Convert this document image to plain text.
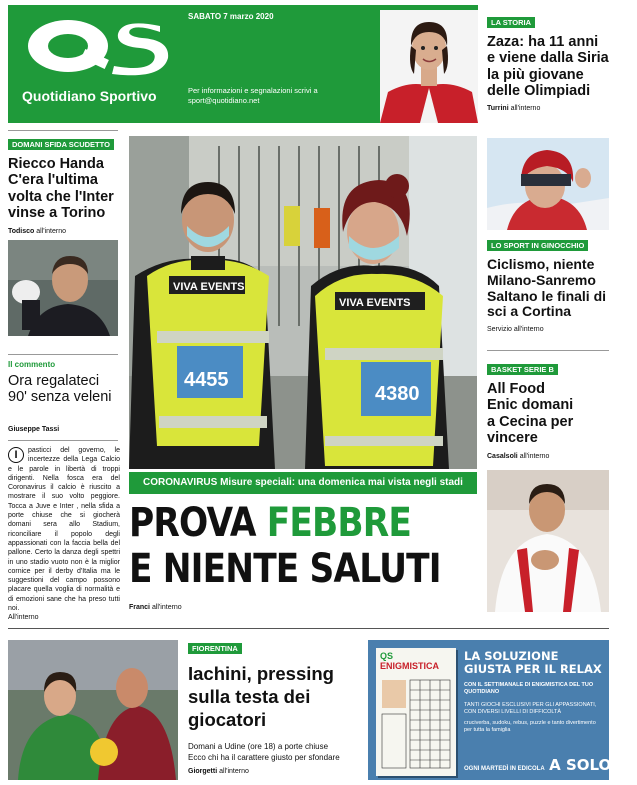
Quotidiano Sportivo
SABATO 7 marzo 2020
Per informazioni e segnalazioni scrivi a
sport@quotidiano.net
LA STORIA
Zaza: ha 11 anni e viene dalla Siria la più giovane delle Olimpiadi
Turrini all'interno
DOMANI SFIDA SCUDETTO
Riecco Handa C'era l'ultima volta che l'Inter vinse a Torino
Todisco all'interno
Il commento
Ora regalateci 90' senza veleni
Giuseppe Tassi
I	pasticci del governo, le incertezze della Lega Calcio e le parole in libertà di troppi dirigenti. Nella fosca era del Coronavirus il calcio è riuscito a mostrare il suo volto peggiore. Tocca a Juve e Inter , nella sfida a porte chiuse che si giocherà domani sera allo Stadium, riconciliare il popolo degli appassionati con la faccia bella del pallone. Certo la danza degli spettri in uno stadio vuoto non è la miglior cornice per il derby d'Italia ma le suggestioni del campo possono placare quella voglia di normalità e di emozioni sane che ha preso tutti noi.
All'interno
VIVA EVENTS
4455
VIVA EVENTS
4380
CORONAVIRUS Misure speciali: una domenica mai vista negli stadi
PROVA FEBBRE
E NIENTE SALUTI
Franci all'interno
LO SPORT IN GINOCCHIO
Ciclismo, niente Milano-Sanremo Saltano le finali di sci a Cortina
Servizio all'interno
BASKET SERIE B
All Food Enic domani a Cecina per vincere
Casalsoli all'interno
FIORENTINA
Iachini, pressing sulla testa dei giocatori
Domani a Udine (ore 18) a porte chiuse
Ecco chi ha il carattere giusto per sfondare
Giorgetti all'interno
QS ENIGMISTICA
LA SOLUZIONE GIUSTA PER IL RELAX
CON IL SETTIMANALE DI ENIGMISTICA DEL TUO QUOTIDIANO
TANTI GIOCHI ESCLUSIVI PER GLI APPASSIONATI, CON DIVERSI LIVELLI DI DIFFICOLTÀ
cruciverba, sudoku, rebus, puzzle e tanto divertimento per tutta la famiglia
OGNI MARTEDÌ IN EDICOLA A SOLO 1€
